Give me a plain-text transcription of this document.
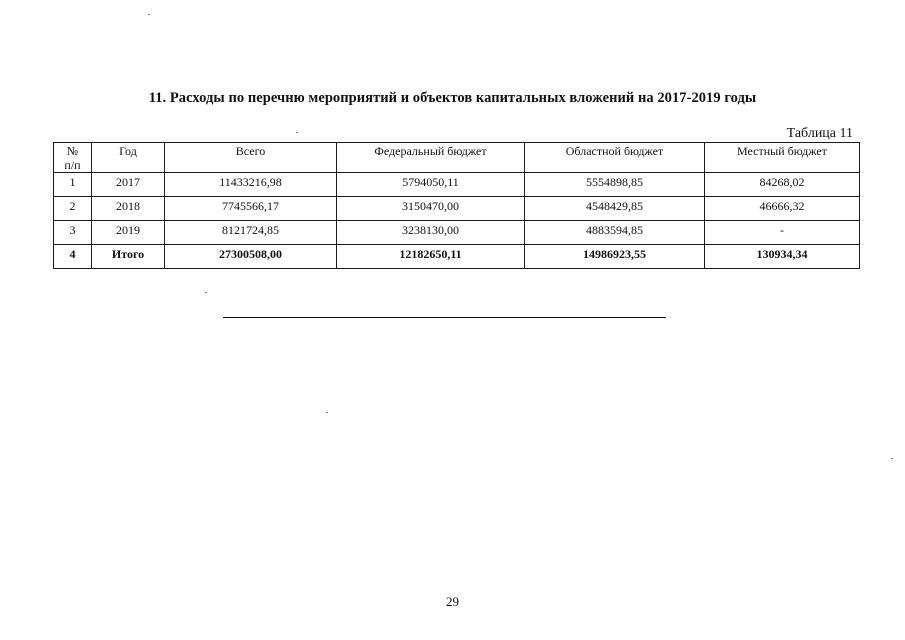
11. Расходы по перечню мероприятий и объектов капитальных вложений на 2017-2019 годы
Таблица 11
№
п/п	Год	Всего	Федеральный бюджет	Областной бюджет	Местный бюджет
1	2017	11433216,98	5794050,11	5554898,85	84268,02
2	2018	7745566,17	3150470,00	4548429,85	46666,32
3	2019	8121724,85	3238130,00	4883594,85	-
4	Итого	27300508,00	12182650,11	14986923,55	130934,34
29
